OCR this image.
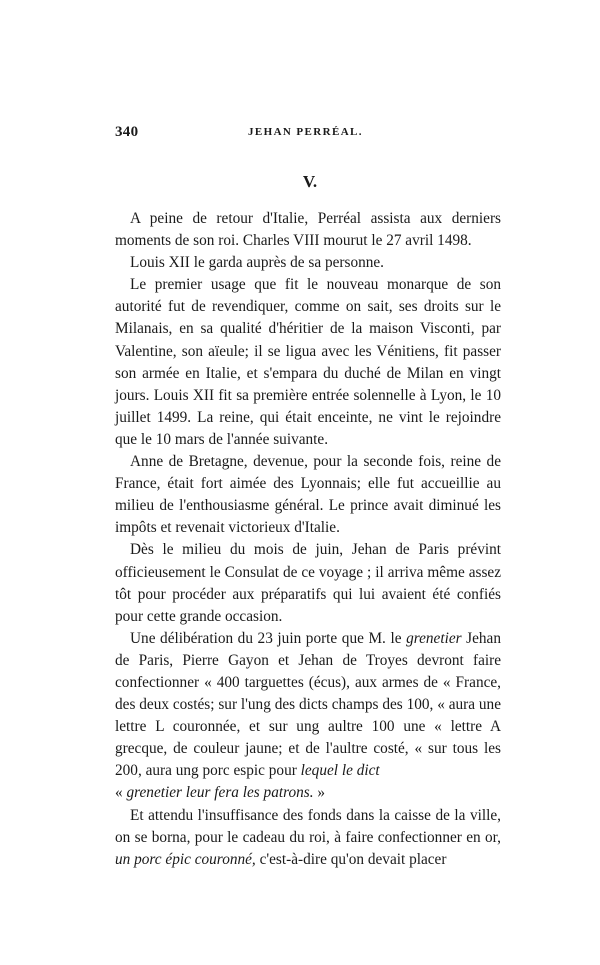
340	JEHAN PERRÉAL.
V.

A peine de retour d'Italie, Perréal assista aux derniers moments de son roi. Charles VIII mourut le 27 avril 1498.

Louis XII le garda auprès de sa personne.

Le premier usage que fit le nouveau monarque de son autorité fut de revendiquer, comme on sait, ses droits sur le Milanais, en sa qualité d'héritier de la maison Visconti, par Valentine, son aïeule; il se ligua avec les Vénitiens, fit passer son armée en Italie, et s'empara du duché de Milan en vingt jours. Louis XII fit sa première entrée solennelle à Lyon, le 10 juillet 1499. La reine, qui était enceinte, ne vint le rejoindre que le 10 mars de l'année suivante.

Anne de Bretagne, devenue, pour la seconde fois, reine de France, était fort aimée des Lyonnais; elle fut accueillie au milieu de l'enthousiasme général. Le prince avait diminué les impôts et revenait victorieux d'Italie.

Dès le milieu du mois de juin, Jehan de Paris prévint officieusement le Consulat de ce voyage ; il arriva même assez tôt pour procéder aux préparatifs qui lui avaient été confiés pour cette grande occasion.

Une délibération du 23 juin porte que M. le grenetier Jehan de Paris, Pierre Gayon et Jehan de Troyes devront faire confectionner « 400 targuettes (écus), aux armes de « France, des deux costés; sur l'ung des dicts champs des 100, « aura une lettre L couronnée, et sur ung aultre 100 une « lettre A grecque, de couleur jaune; et de l'aultre costé, « sur tous les 200, aura ung porc espic pour lequel le dict
« grenetier leur fera les patrons. »

Et attendu l'insuffisance des fonds dans la caisse de la ville, on se borna, pour le cadeau du roi, à faire confectionner en or, un porc épic couronné, c'est-à-dire qu'on devait placer
